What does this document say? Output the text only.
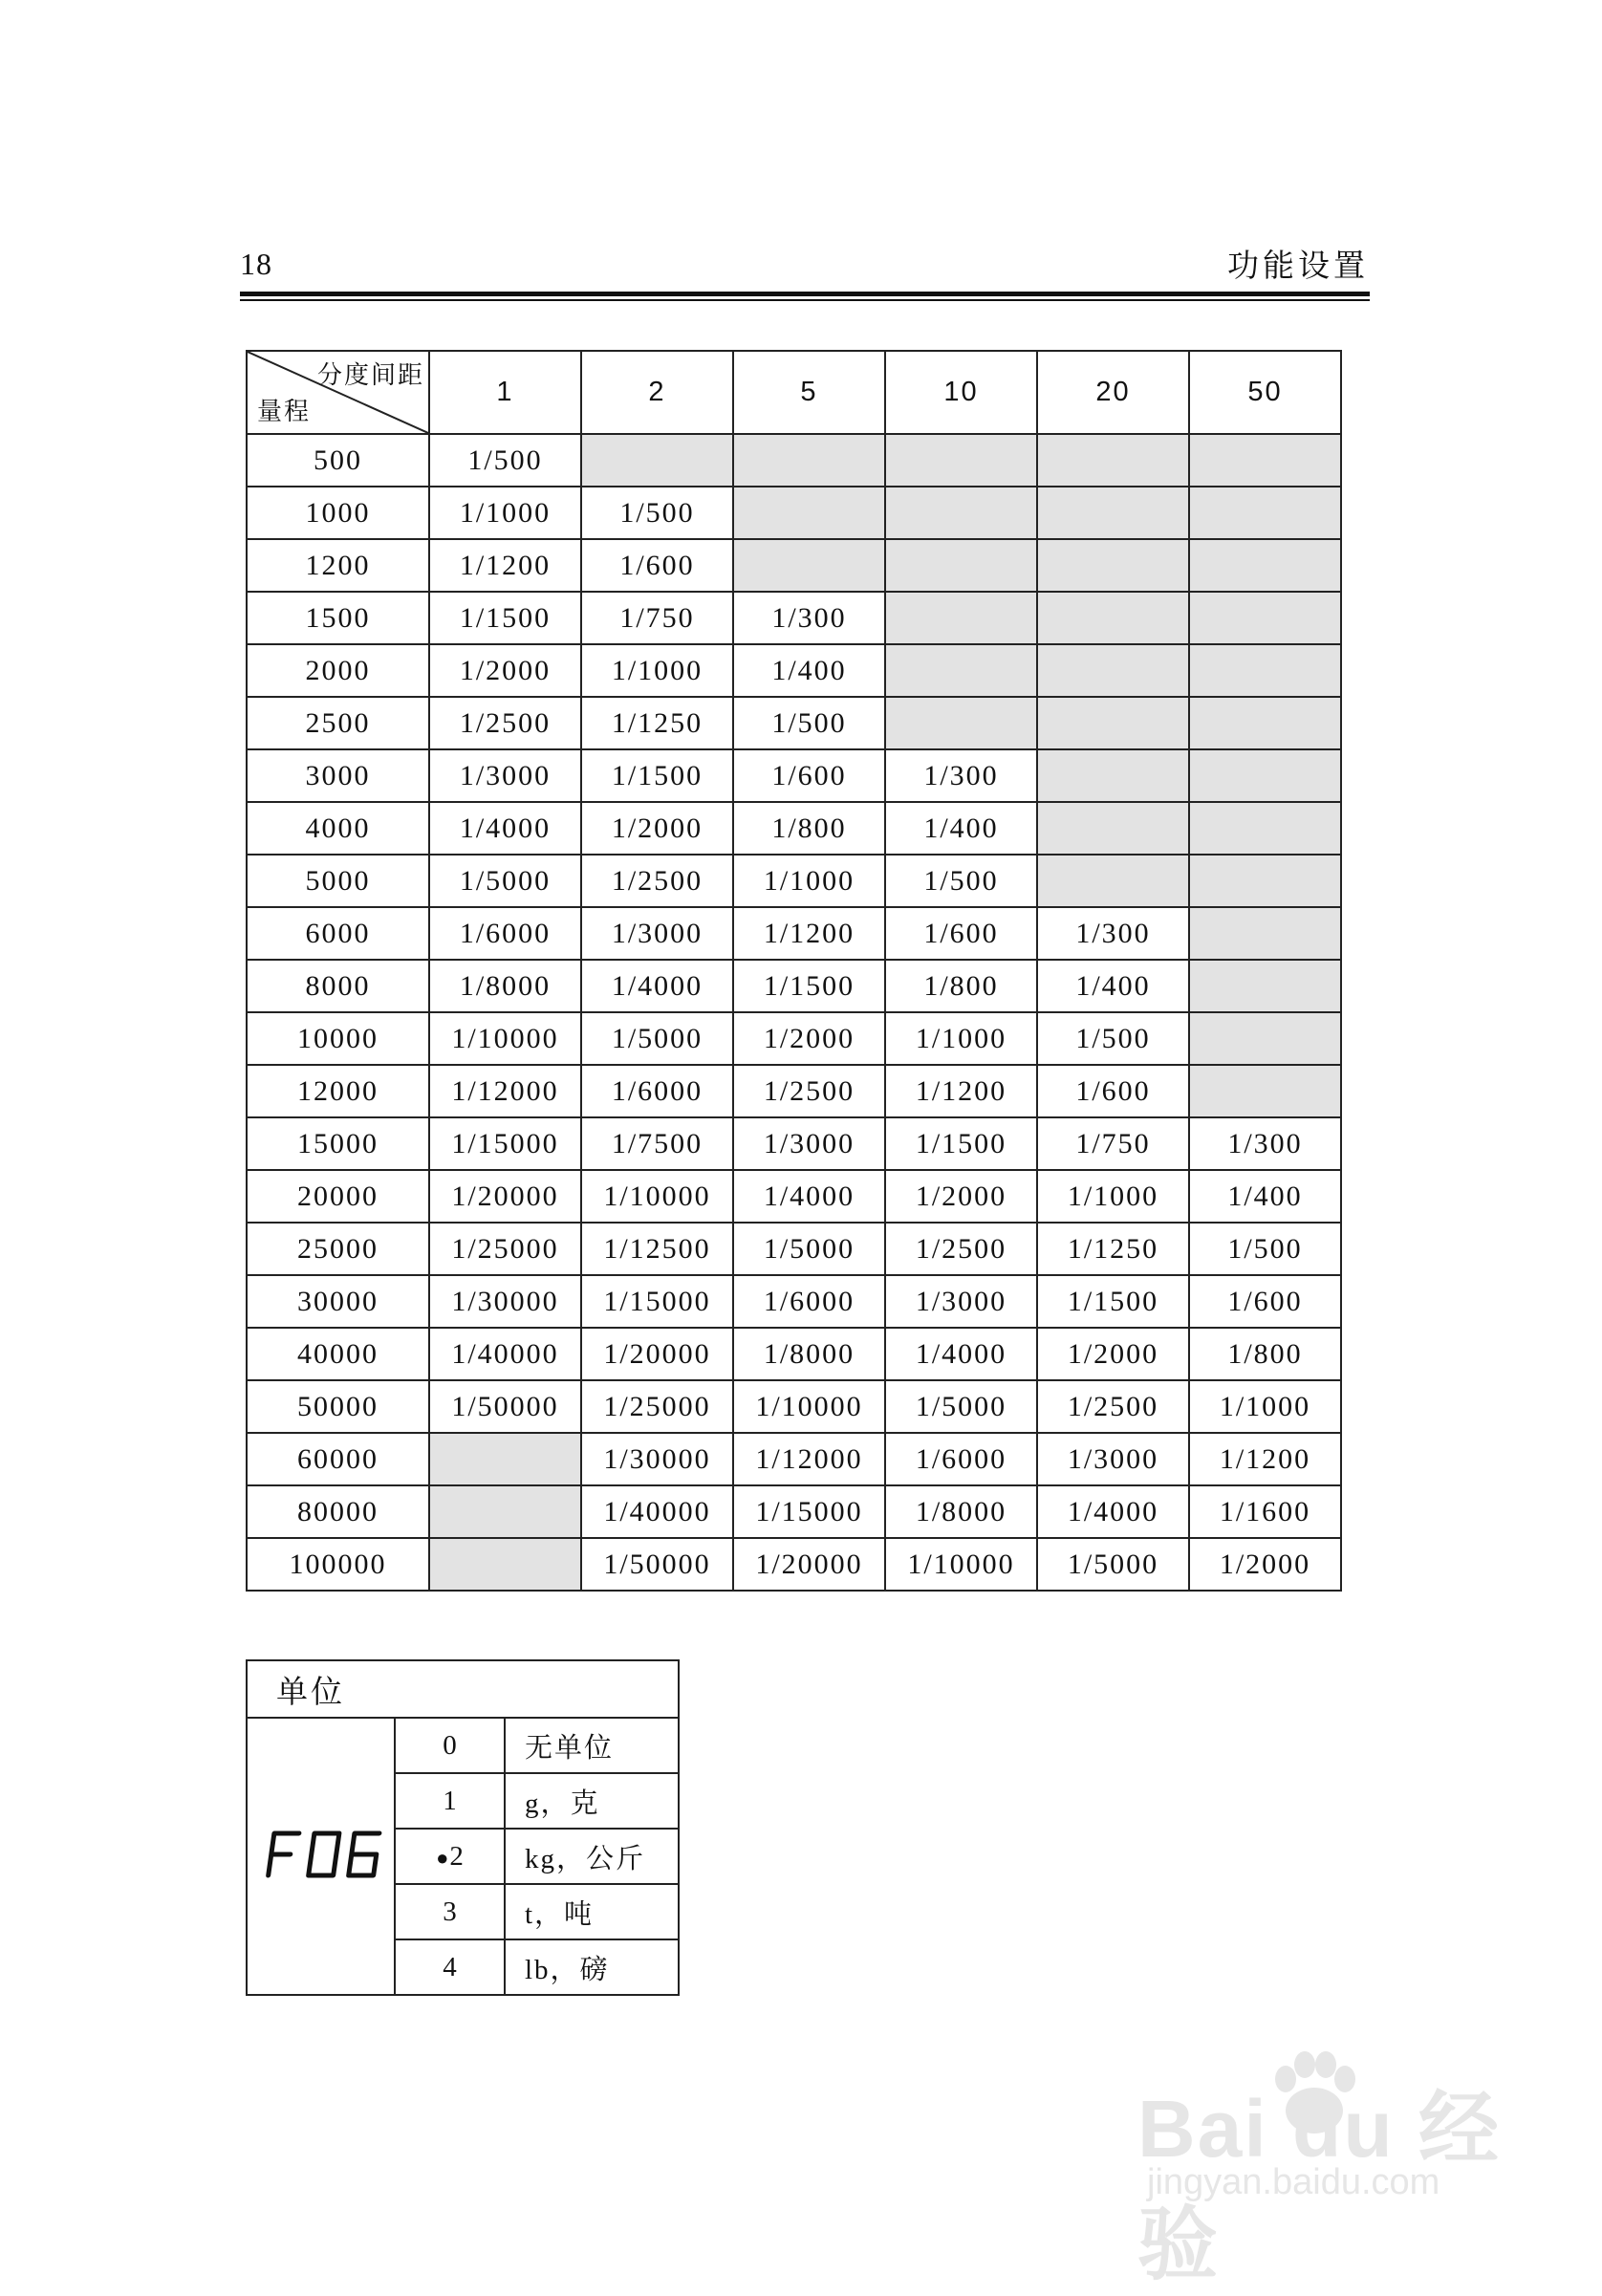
18	功能设置
分度间距
量程	1	2	5	10	20	50
500	1/500					
1000	1/1000	1/500				
1200	1/1200	1/600				
1500	1/1500	1/750	1/300			
2000	1/2000	1/1000	1/400			
2500	1/2500	1/1250	1/500			
3000	1/3000	1/1500	1/600	1/300		
4000	1/4000	1/2000	1/800	1/400		
5000	1/5000	1/2500	1/1000	1/500		
6000	1/6000	1/3000	1/1200	1/600	1/300	
8000	1/8000	1/4000	1/1500	1/800	1/400	
10000	1/10000	1/5000	1/2000	1/1000	1/500	
12000	1/12000	1/6000	1/2500	1/1200	1/600	
15000	1/15000	1/7500	1/3000	1/1500	1/750	1/300
20000	1/20000	1/10000	1/4000	1/2000	1/1000	1/400
25000	1/25000	1/12500	1/5000	1/2500	1/1250	1/500
30000	1/30000	1/15000	1/6000	1/3000	1/1500	1/600
40000	1/40000	1/20000	1/8000	1/4000	1/2000	1/800
50000	1/50000	1/25000	1/10000	1/5000	1/2500	1/1000
60000		1/30000	1/12000	1/6000	1/3000	1/1200
80000		1/40000	1/15000	1/8000	1/4000	1/1600
100000		1/50000	1/20000	1/10000	1/5000	1/2000
单位		

F06	0	无单位
	1	g，克
	●2	kg，公斤
	3	t，吨
	4	lb，磅
Bai du 经验
jingyan.baidu.com
